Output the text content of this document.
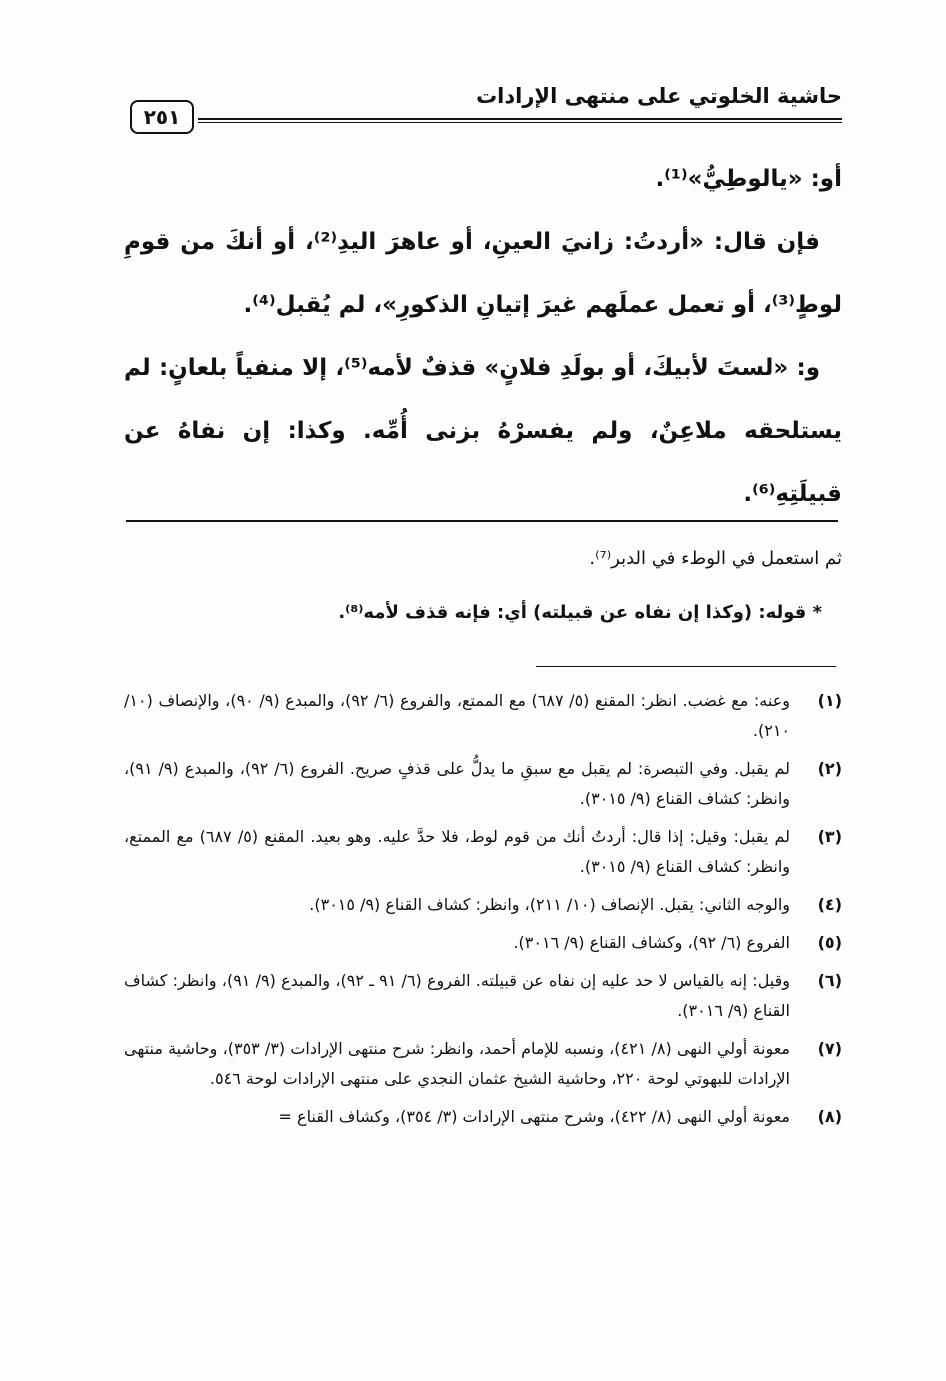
حاشية الخلوتي على منتهى الإرادات
٢٥١

أو: «يالوطِيُّ»⁽¹⁾.

فإن قال: «أردتُ: زانيَ العينِ، أو عاهرَ اليدِ⁽²⁾، أو أنكَ من قومِ لوطٍ⁽³⁾، أو تعمل عملَهم غيرَ إتيانِ الذكورِ»، لم يُقبل⁽⁴⁾.

و: «لستَ لأبيكَ، أو بولَدِ فلانٍ» قذفٌ لأمه⁽⁵⁾، إلا منفياً بلعانٍ: لم يستلحقه ملاعِنٌ، ولم يفسرْهُ بزنى أُمِّه. وكذا: إن نفاهُ عن قبيلَتِهِ⁽⁶⁾.

ثم استعمل في الوطء في الدبر⁽⁷⁾.

* قوله: (وكذا إن نفاه عن قبيلته) أي: فإنه قذف لأمه⁽⁸⁾.

(١)
وعنه: مع غضب. انظر: المقنع (٥/ ٦٨٧) مع الممتع، والفروع (٦/ ٩٢)، والمبدع (٩/ ٩٠)، والإنصاف (١٠/ ٢١٠).
(٢)
لم يقبل. وفي التبصرة: لم يقبل مع سبقِ ما يدلُّ على قذفٍ صريح. الفروع (٦/ ٩٢)، والمبدع (٩/ ٩١)، وانظر: كشاف القناع (٩/ ٣٠١٥).
(٣)
لم يقبل: وقيل: إذا قال: أردتُ أنك من قوم لوط، فلا حدَّ عليه. وهو بعيد. المقنع (٥/ ٦٨٧) مع الممتع، وانظر: كشاف القناع (٩/ ٣٠١٥).
(٤)
والوجه الثاني: يقبل. الإنصاف (١٠/ ٢١١)، وانظر: كشاف القناع (٩/ ٣٠١٥).
(٥)
الفروع (٦/ ٩٢)، وكشاف القناع (٩/ ٣٠١٦).
(٦)
وقيل: إنه بالقياس لا حد عليه إن نفاه عن قبيلته. الفروع (٦/ ٩١ ـ ٩٢)، والمبدع (٩/ ٩١)، وانظر: كشاف القناع (٩/ ٣٠١٦).
(٧)
معونة أولي النهى (٨/ ٤٢١)، ونسبه للإمام أحمد، وانظر: شرح منتهى الإرادات (٣/ ٣٥٣)، وحاشية منتهى الإرادات للبهوتي لوحة ٢٢٠، وحاشية الشيخ عثمان النجدي على منتهى الإرادات لوحة ٥٤٦.
(٨)
معونة أولي النهى (٨/ ٤٢٢)، وشرح منتهى الإرادات (٣/ ٣٥٤)، وكشاف القناع =
